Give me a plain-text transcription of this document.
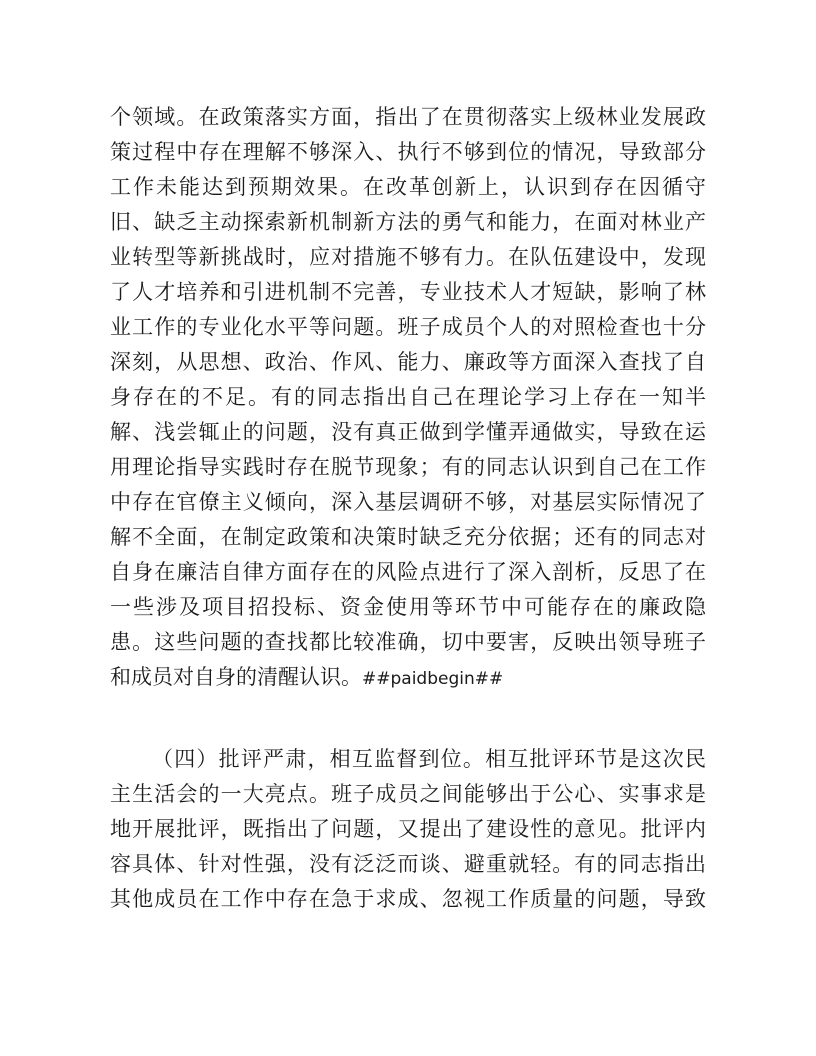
个领域。在政策落实方面，指出了在贯彻落实上级林业发展政
策过程中存在理解不够深入、执行不够到位的情况，导致部分
工作未能达到预期效果。在改革创新上，认识到存在因循守
旧、缺乏主动探索新机制新方法的勇气和能力，在面对林业产
业转型等新挑战时，应对措施不够有力。在队伍建设中，发现
了人才培养和引进机制不完善，专业技术人才短缺，影响了林
业工作的专业化水平等问题。班子成员个人的对照检查也十分
深刻，从思想、政治、作风、能力、廉政等方面深入查找了自
身存在的不足。有的同志指出自己在理论学习上存在一知半
解、浅尝辄止的问题，没有真正做到学懂弄通做实，导致在运
用理论指导实践时存在脱节现象；有的同志认识到自己在工作
中存在官僚主义倾向，深入基层调研不够，对基层实际情况了
解不全面，在制定政策和决策时缺乏充分依据；还有的同志对
自身在廉洁自律方面存在的风险点进行了深入剖析，反思了在
一些涉及项目招投标、资金使用等环节中可能存在的廉政隐
患。这些问题的查找都比较准确，切中要害，反映出领导班子
和成员对自身的清醒认识。##paidbegin##
（四）批评严肃，相互监督到位。相互批评环节是这次民
主生活会的一大亮点。班子成员之间能够出于公心、实事求是
地开展批评，既指出了问题，又提出了建设性的意见。批评内
容具体、针对性强，没有泛泛而谈、避重就轻。有的同志指出
其他成员在工作中存在急于求成、忽视工作质量的问题，导致
